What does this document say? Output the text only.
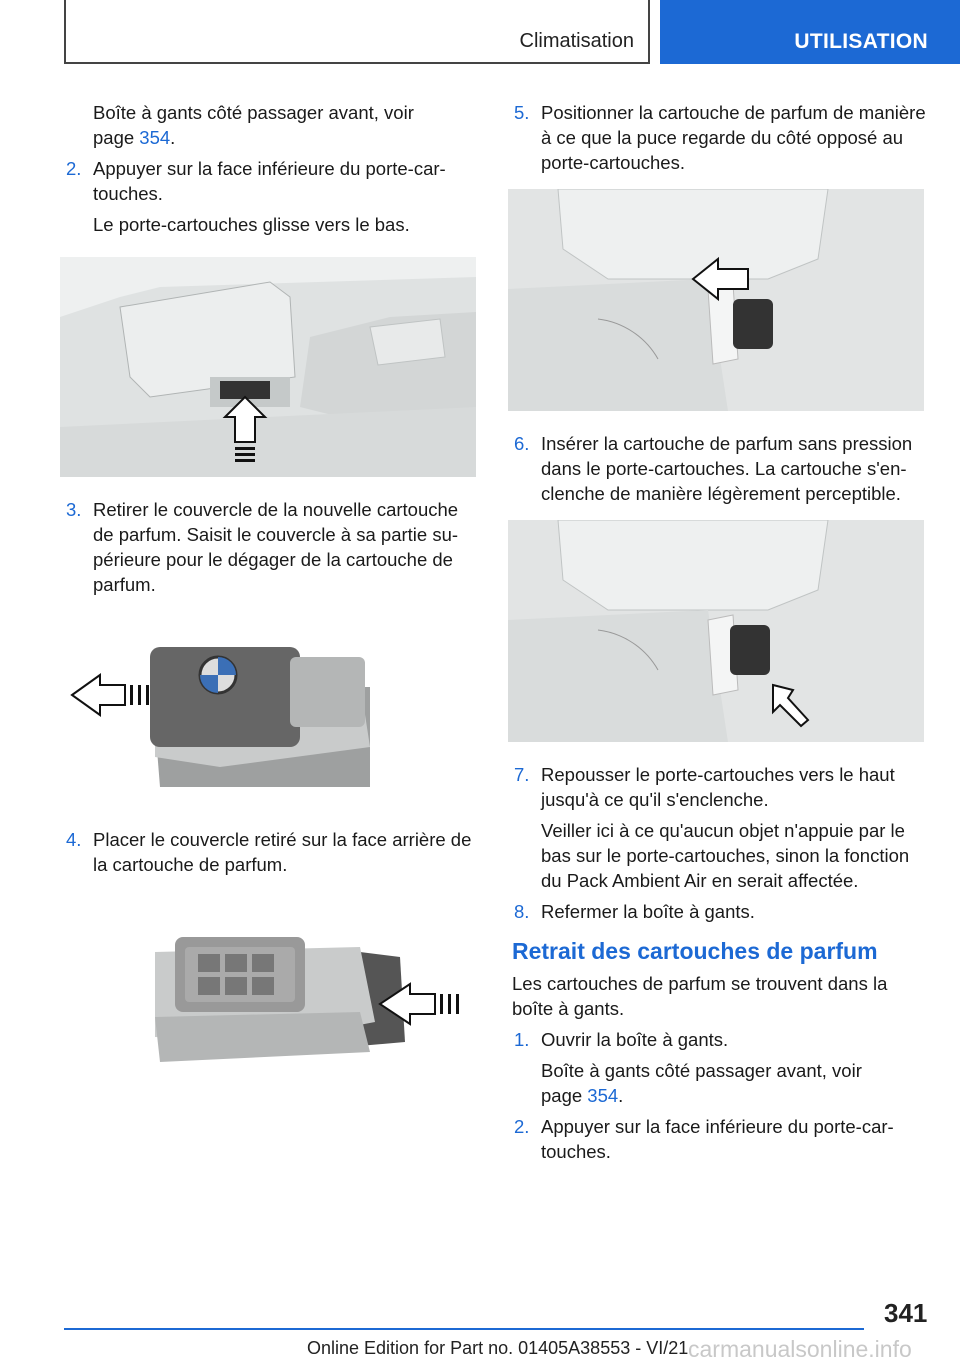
Climatisation	UTILISATION

Boîte à gants côté passager avant, voir
page 354.

2. Appuyer sur la face inférieure du porte-cartouches.

Le porte-cartouches glisse vers le bas.

3. Retirer le couvercle de la nouvelle cartouche de parfum. Saisit le couvercle à sa partie supérieure pour le dégager de la cartouche de parfum.

4. Placer le couvercle retiré sur la face arrière de la cartouche de parfum.

5. Positionner la cartouche de parfum de manière à ce que la puce regarde du côté opposé au porte-cartouches.

6. Insérer la cartouche de parfum sans pression dans le porte-cartouches. La cartouche s'enclenche de manière légèrement perceptible.

7. Repousser le porte-cartouches vers le haut jusqu'à ce qu'il s'enclenche.

Veiller ici à ce qu'aucun objet n'appuie par le bas sur le porte-cartouches, sinon la fonction du Pack Ambient Air en serait affectée.

8. Refermer la boîte à gants.

Retrait des cartouches de parfum

Les cartouches de parfum se trouvent dans la boîte à gants.

1. Ouvrir la boîte à gants.

Boîte à gants côté passager avant, voir
page 354.

2. Appuyer sur la face inférieure du porte-cartouches.

341
Online Edition for Part no. 01405A38553 - VI/21 carmanualsonline.info
